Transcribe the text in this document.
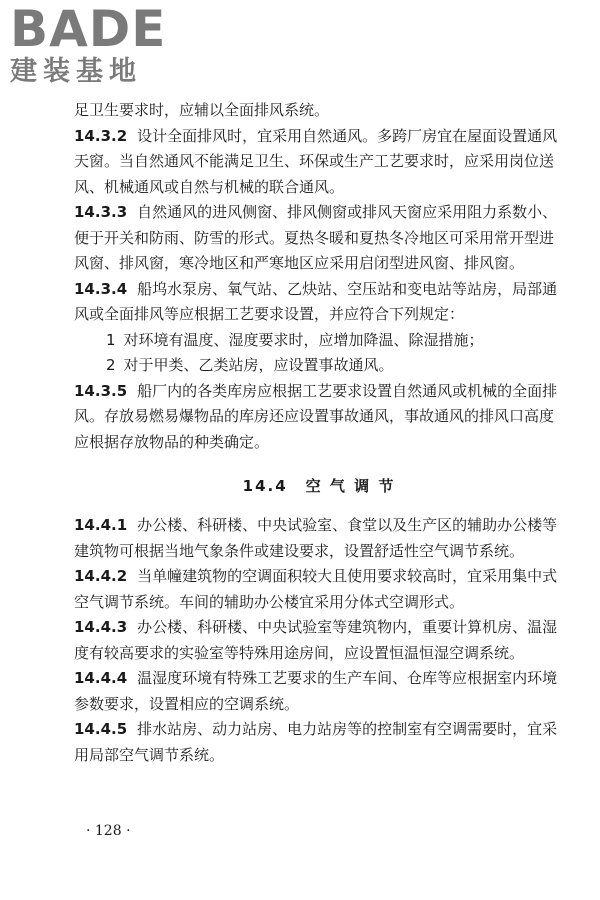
BADE
建装基地

足卫生要求时，应辅以全面排风系统。

14.3.2 设计全面排风时，宜采用自然通风。多跨厂房宜在屋面设置通风天窗。当自然通风不能满足卫生、环保或生产工艺要求时，应采用岗位送风、机械通风或自然与机械的联合通风。

14.3.3 自然通风的进风侧窗、排风侧窗或排风天窗应采用阻力系数小、便于开关和防雨、防雪的形式。夏热冬暖和夏热冬冷地区可采用常开型进风窗、排风窗，寒冷地区和严寒地区应采用启闭型进风窗、排风窗。

14.3.4 船坞水泵房、氧气站、乙炔站、空压站和变电站等站房，局部通风或全面排风等应根据工艺要求设置，并应符合下列规定：

1 对环境有温度、湿度要求时，应增加降温、除湿措施；

2 对于甲类、乙类站房，应设置事故通风。

14.3.5 船厂内的各类库房应根据工艺要求设置自然通风或机械的全面排风。存放易燃易爆物品的库房还应设置事故通风，事故通风的排风口高度应根据存放物品的种类确定。

14.4 空 气 调 节

14.4.1 办公楼、科研楼、中央试验室、食堂以及生产区的辅助办公楼等建筑物可根据当地气象条件或建设要求，设置舒适性空气调节系统。

14.4.2 当单幢建筑物的空调面积较大且使用要求较高时，宜采用集中式空气调节系统。车间的辅助办公楼宜采用分体式空调形式。

14.4.3 办公楼、科研楼、中央试验室等建筑物内，重要计算机房、温湿度有较高要求的实验室等特殊用途房间，应设置恒温恒湿空调系统。

14.4.4 温湿度环境有特殊工艺要求的生产车间、仓库等应根据室内环境参数要求，设置相应的空调系统。

14.4.5 排水站房、动力站房、电力站房等的控制室有空调需要时，宜采用局部空气调节系统。

· 128 ·
